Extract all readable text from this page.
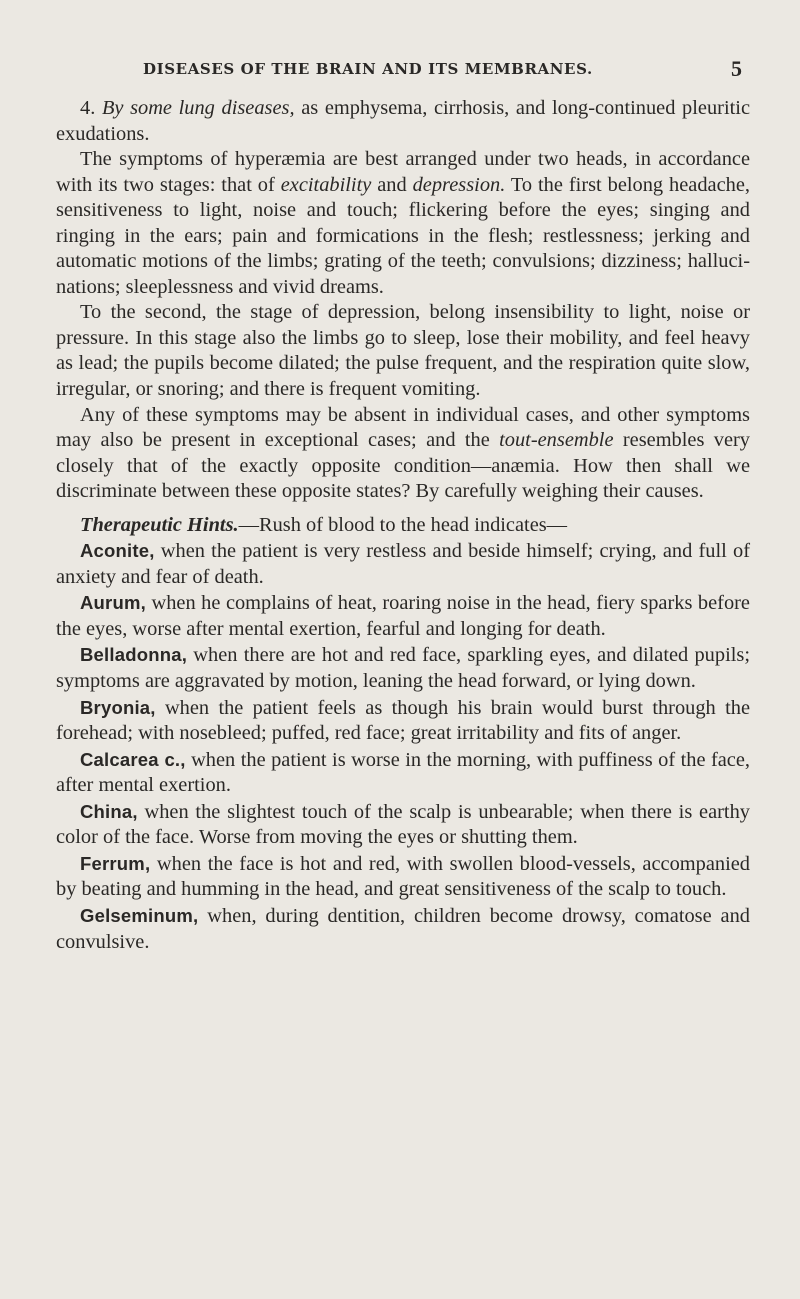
DISEASES OF THE BRAIN AND ITS MEMBRANES.	5

4. By some lung diseases, as emphysema, cirrhosis, and long-continued pleuritic exudations.

The symptoms of hyperæmia are best arranged under two heads, in accordance with its two stages: that of excitability and depression. To the first belong headache, sensitiveness to light, noise and touch; flickering before the eyes; singing and ringing in the ears; pain and formications in the flesh; restlessness; jerking and automatic motions of the limbs; grating of the teeth; convulsions; dizziness; hallucinations; sleeplessness and vivid dreams.

To the second, the stage of depression, belong insensibility to light, noise or pressure. In this stage also the limbs go to sleep, lose their mobility, and feel heavy as lead; the pupils become dilated; the pulse frequent, and the respiration quite slow, irregular, or snoring; and there is frequent vomiting.

Any of these symptoms may be absent in individual cases, and other symptoms may also be present in exceptional cases; and the tout-ensemble resembles very closely that of the exactly opposite condition—anæmia. How then shall we discriminate between these opposite states? By carefully weighing their causes.

Therapeutic Hints.—Rush of blood to the head indicates—

Aconite, when the patient is very restless and beside himself; crying, and full of anxiety and fear of death.

Aurum, when he complains of heat, roaring noise in the head, fiery sparks before the eyes, worse after mental exertion, fearful and longing for death.

Belladonna, when there are hot and red face, sparkling eyes, and dilated pupils; symptoms are aggravated by motion, leaning the head forward, or lying down.

Bryonia, when the patient feels as though his brain would burst through the forehead; with nosebleed; puffed, red face; great irritability and fits of anger.

Calcarea c., when the patient is worse in the morning, with puffiness of the face, after mental exertion.

China, when the slightest touch of the scalp is unbearable; when there is earthy color of the face. Worse from moving the eyes or shutting them.

Ferrum, when the face is hot and red, with swollen blood-vessels, accompanied by beating and humming in the head, and great sensitiveness of the scalp to touch.

Gelseminum, when, during dentition, children become drowsy, comatose and convulsive.
